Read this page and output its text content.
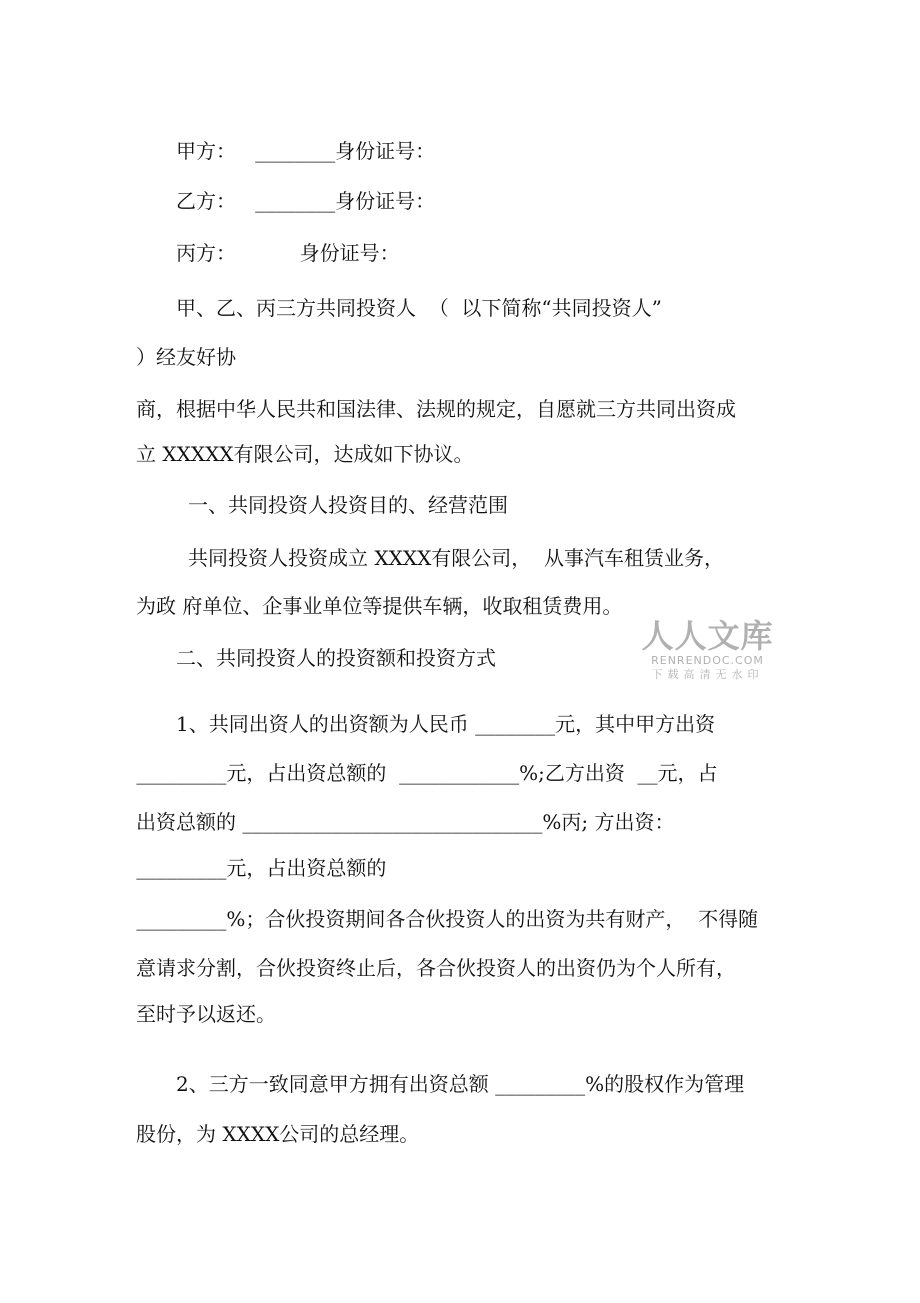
甲方：   ________身份证号：

乙方：   ________身份证号：

丙方：          身份证号：

甲、乙、丙三方共同投资人  （  以下简称“共同投资人”

）经友好协

商，根据中华人民共和国法律、法规的规定，自愿就三方共同出资成

立 XXXXX有限公司，达成如下协议。

一、共同投资人投资目的、经营范围

共同投资人投资成立 XXXX有限公司，  从事汽车租赁业务，

为政 府单位、企事业单位等提供车辆，收取租赁费用。

二、共同投资人的投资额和投资方式

1、共同出资人的出资额为人民币 ________元，其中甲方出资

_________元，占出资总额的  ____________%;乙方出资  __元，占

出资总额的 ______________________________%丙; 方出资：

_________元，占出资总额的

_________%；合伙投资期间各合伙投资人的出资为共有财产，  不得随

意请求分割，合伙投资终止后，各合伙投资人的出资仍为个人所有，

至时予以返还。

2、三方一致同意甲方拥有出资总额 _________%的股权作为管理

股份，为 XXXX公司的总经理。

人人文库
RENRENDOC.COM
下载高清无水印
